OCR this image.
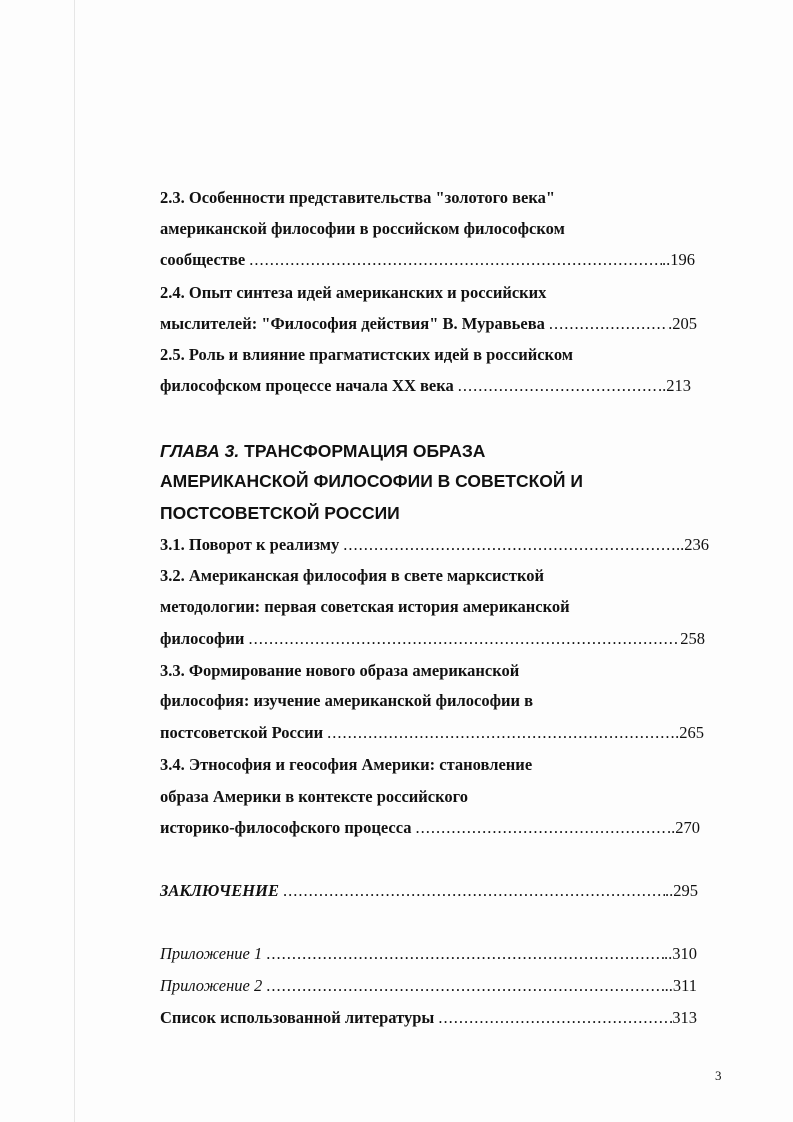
2.3. Особенности представительства "золотого века"

американской философии в российском философском

сообществе .....	..196

2.4. Опыт синтеза идей американских и российских

мыслителей: "Философия действия" В. Муравьева .....	.205

2.5. Роль и влияние прагматистских идей в российском

философском процессе начала XX века .....	..213

ГЛАВА 3. ТРАНСФОРМАЦИЯ ОБРАЗА

АМЕРИКАНСКОЙ ФИЛОСОФИИ В СОВЕТСКОЙ И

ПОСТСОВЕТСКОЙ РОССИИ

3.1. Поворот к реализму .....	..236

3.2. Американская философия в свете марксисткой

методологии: первая советская история американской

философии .....	258

3.3. Формирование нового образа американской

философия: изучение американской философии в

постсоветской России .....	.265

3.4. Этнософия и геософия Америки: становление

образа Америки в контексте российского

историко-философского процесса .....	..270

ЗАКЛЮЧЕНИЕ .....	..295

Приложение 1 .....	..310

Приложение 2 .....	..311

Список использованной литературы .....	313

3
